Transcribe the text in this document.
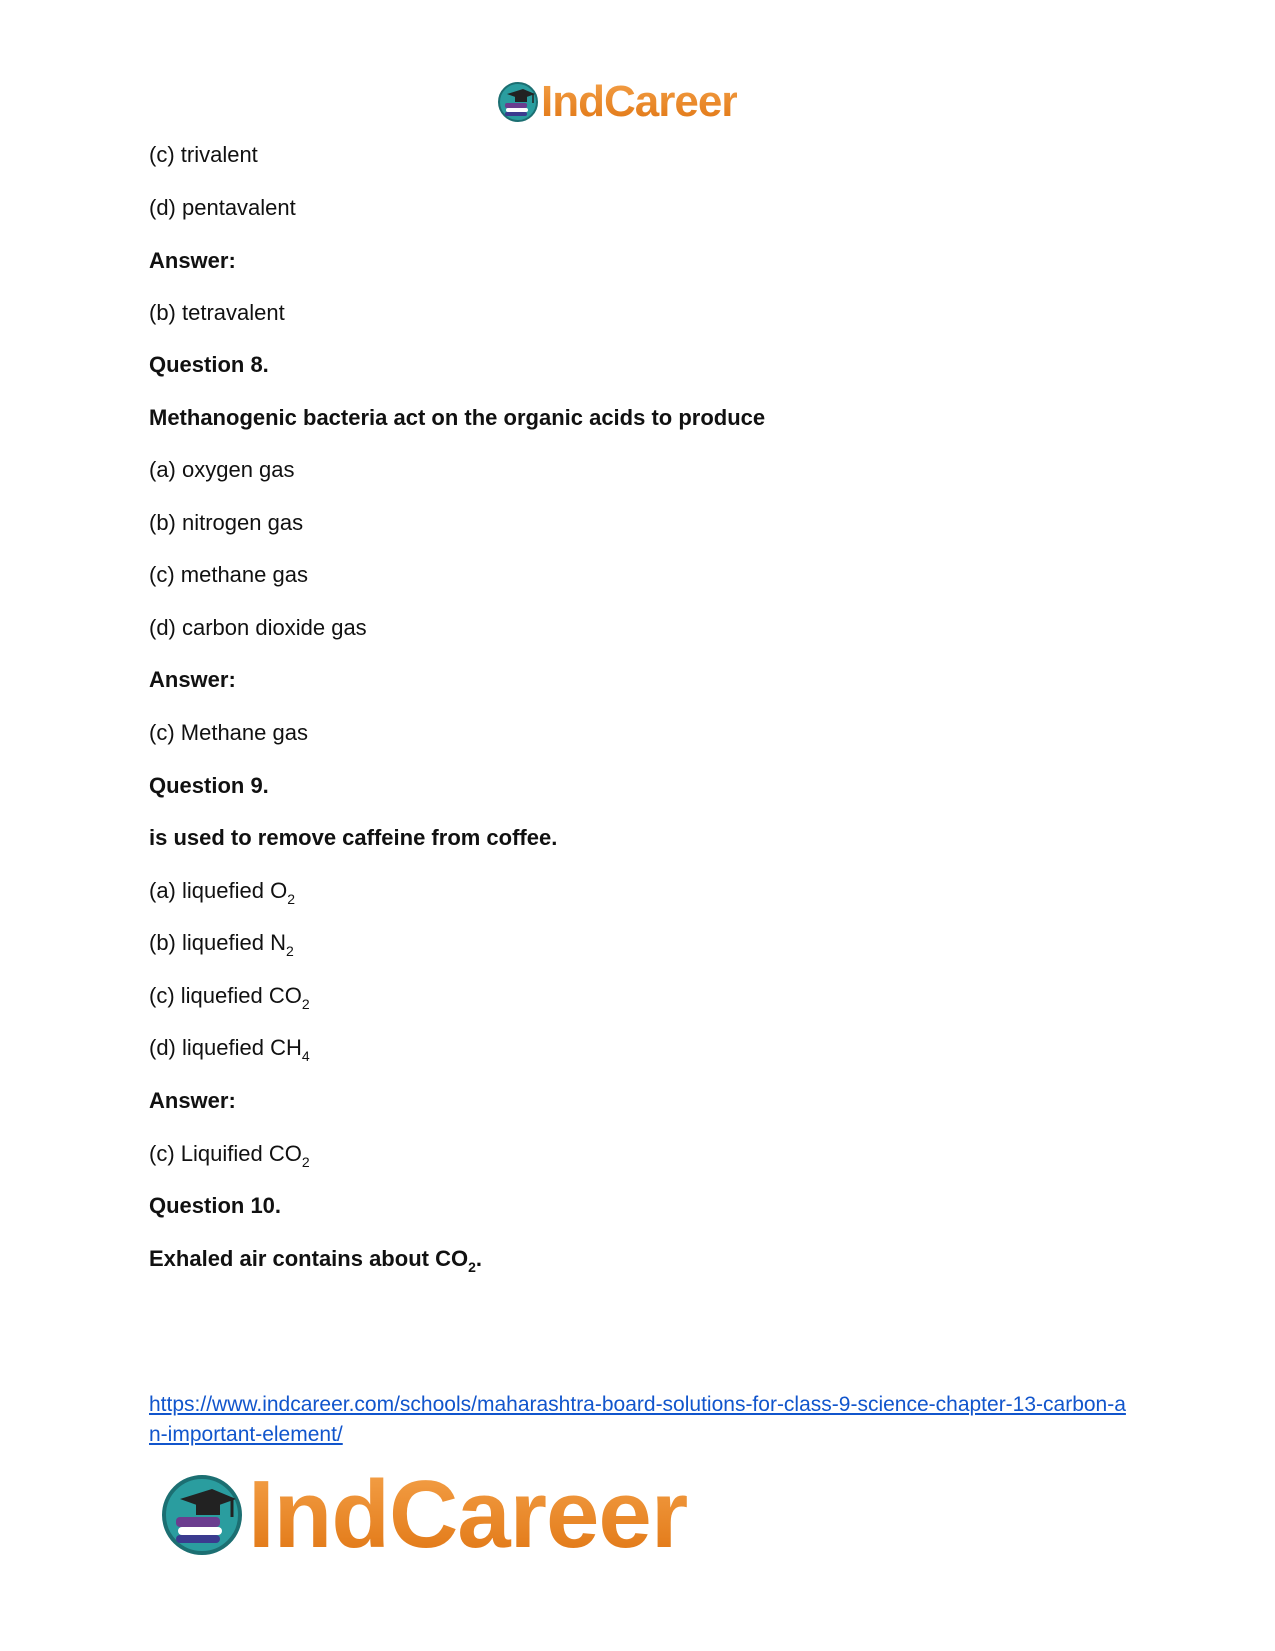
IndCareer
(c) trivalent
(d) pentavalent
Answer:
(b) tetravalent
Question 8.
Methanogenic bacteria act on the organic acids to produce
(a) oxygen gas
(b) nitrogen gas
(c) methane gas
(d) carbon dioxide gas
Answer:
(c) Methane gas
Question 9.
is used to remove caffeine from coffee.
(a) liquefied $O_2$
(b) liquefied $N_2$
(c) liquefied $CO_2$
(d) liquefied $CH_4$
Answer:
(c) Liquified $CO_2$
Question 10.
Exhaled air contains about $CO_2$.
https://www.indcareer.com/schools/maharashtra-board-solutions-for-class-9-science-chapter-13-carbon-an-important-element/
IndCareer
